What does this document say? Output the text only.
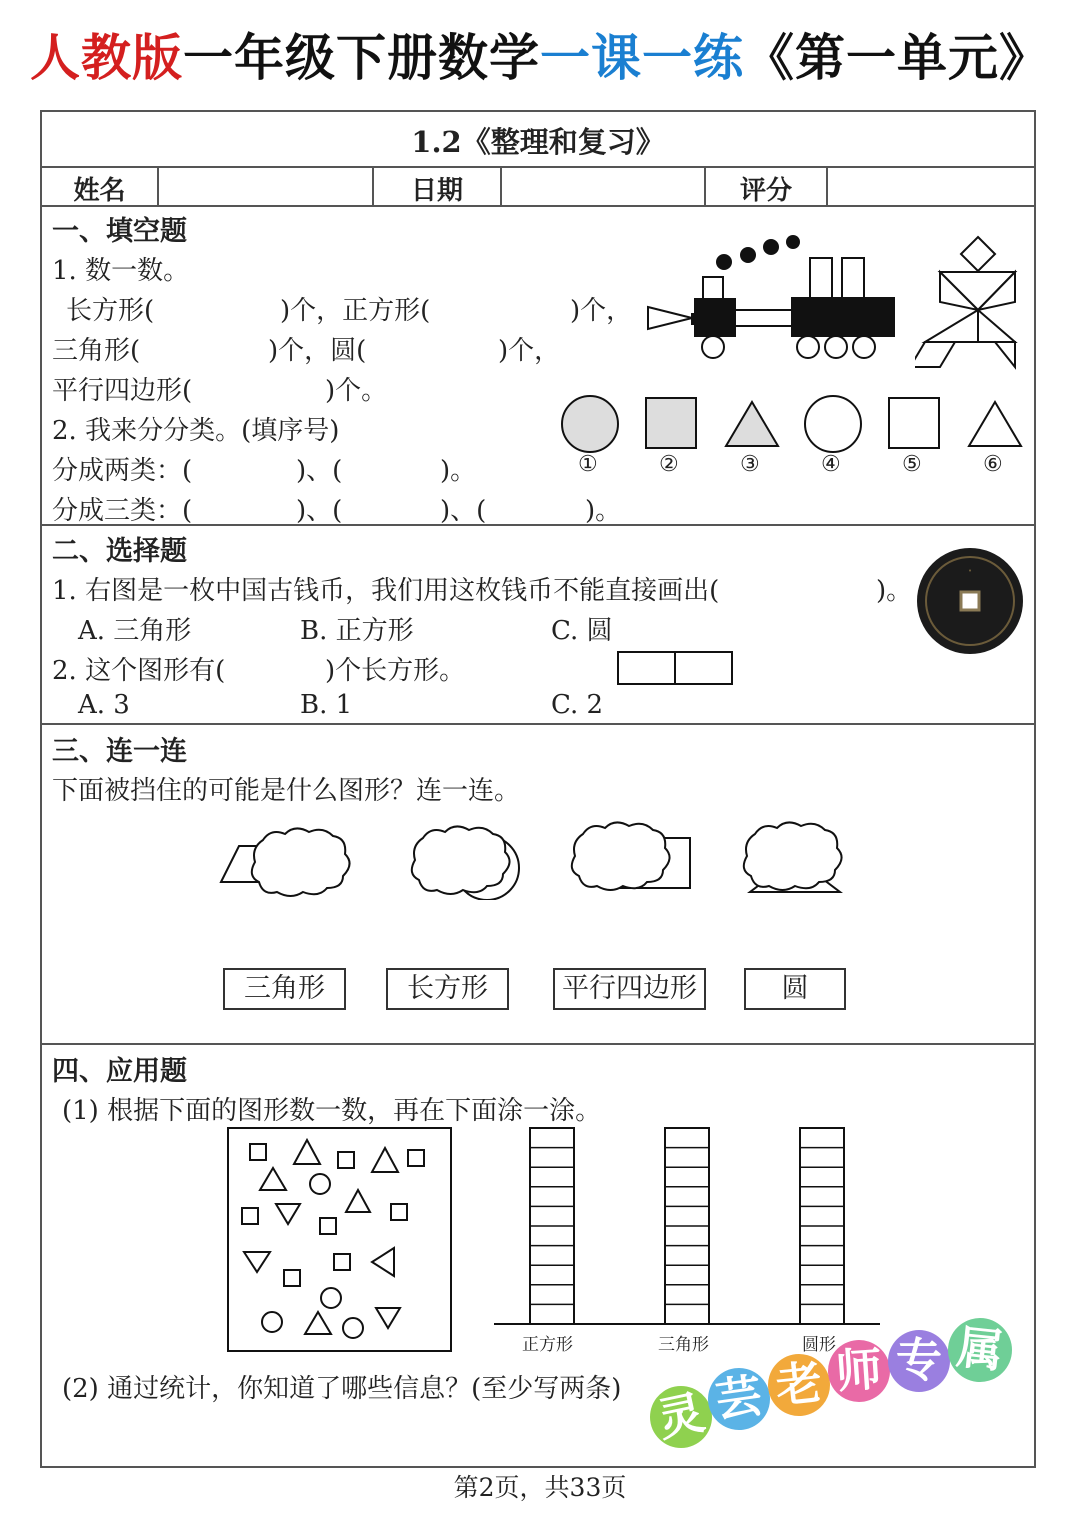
人教版一年级下册数学一课一练《第一单元》
1.2《整理和复习》
姓名	日期	评分
一、填空题
1. 数一数。
长方形(	)个，正方形(	)个，
三角形(	)个，圆(	)个，
平行四边形(	)个。
2. 我来分分类。(填序号)
分成两类：(	)、(	)。
分成三类：(	)、(	)、(	)。
①	②	③	④	⑤	⑥
二、选择题
1. 右图是一枚中国古钱币，我们用这枚钱币不能直接画出(	)。
A. 三角形	B. 正方形	C. 圆
2. 这个图形有(	)个长方形。
A. 3	B. 1	C. 2
·
三、连一连
下面被挡住的可能是什么图形？连一连。
三角形	长方形	平行四边形	圆
四、应用题
(1) 根据下面的图形数一数，再在下面涂一涂。
正方形	三角形	圆形
(2) 通过统计，你知道了哪些信息？(至少写两条) 灵 芸 老 师 专 属
第2页，共33页
